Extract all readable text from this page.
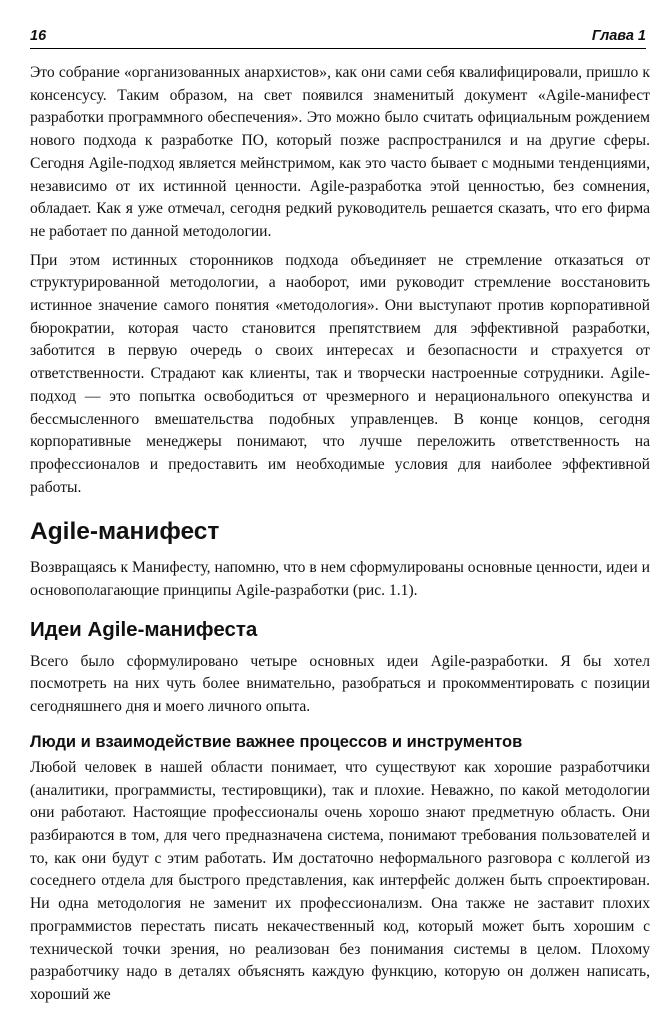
16	Глава 1

Это собрание «организованных анархистов», как они сами себя квалифицировали, пришло к консенсусу. Таким образом, на свет появился знаменитый документ «Agile-манифест разработки программного обеспечения». Это можно было считать официальным рождением нового подхода к разработке ПО, который позже распространился и на другие сферы. Сегодня Agile-подход является мейнстримом, как это часто бывает с модными тенденциями, независимо от их истинной ценности. Agile-разработка этой ценностью, без сомнения, обладает. Как я уже отмечал, сегодня редкий руководитель решается сказать, что его фирма не работает по данной методологии.

При этом истинных сторонников подхода объединяет не стремление отказаться от структурированной методологии, а наоборот, ими руководит стремление восстановить истинное значение самого понятия «методология». Они выступают против корпоративной бюрократии, которая часто становится препятствием для эффективной разработки, заботится в первую очередь о своих интересах и безопасности и страхуется от ответственности. Страдают как клиенты, так и творчески настроенные сотрудники. Agile-подход — это попытка освободиться от чрезмерного и нерационального опекунства и бессмысленного вмешательства подобных управленцев. В конце концов, сегодня корпоративные менеджеры понимают, что лучше переложить ответственность на профессионалов и предоставить им необходимые условия для наиболее эффективной работы.

Agile-манифест

Возвращаясь к Манифесту, напомню, что в нем сформулированы основные ценности, идеи и основополагающие принципы Agile-разработки (рис. 1.1).

Идеи Agile-манифеста

Всего было сформулировано четыре основных идеи Agile-разработки. Я бы хотел посмотреть на них чуть более внимательно, разобраться и прокомментировать с позиции сегодняшнего дня и моего личного опыта.

Люди и взаимодействие важнее процессов и инструментов

Любой человек в нашей области понимает, что существуют как хорошие разработчики (аналитики, программисты, тестировщики), так и плохие. Неважно, по какой методологии они работают. Настоящие профессионалы очень хорошо знают предметную область. Они разбираются в том, для чего предназначена система, понимают требования пользователей и то, как они будут с этим работать. Им достаточно неформального разговора с коллегой из соседнего отдела для быстрого представления, как интерфейс должен быть спроектирован. Ни одна методология не заменит их профессионализм. Она также не заставит плохих программистов перестать писать некачественный код, который может быть хорошим с технической точки зрения, но реализован без понимания системы в целом. Плохому разработчику надо в деталях объяснять каждую функцию, которую он должен написать, хороший же
